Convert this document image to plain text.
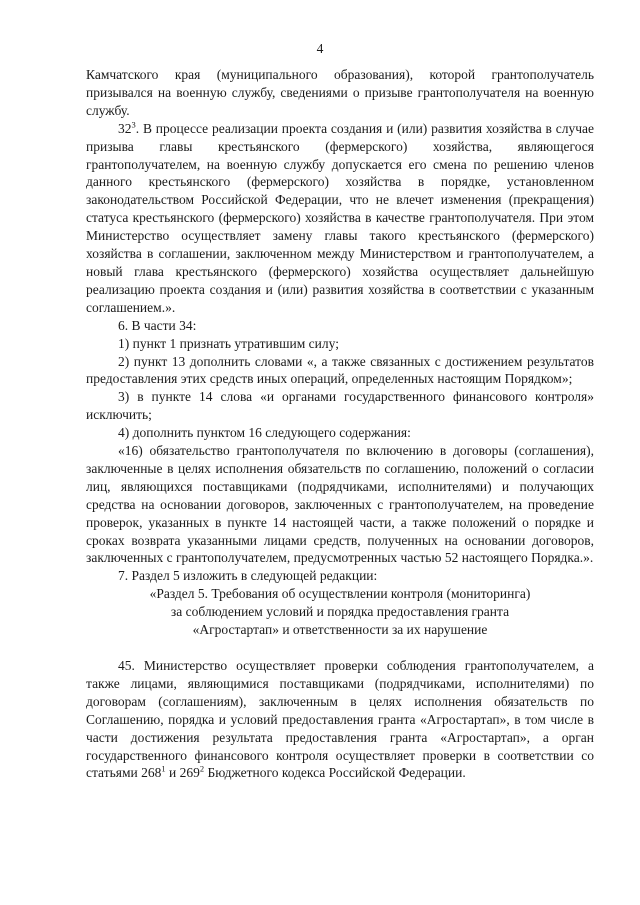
4

Камчатского края (муниципального образования), которой грантополучатель призывался на военную службу, сведениями о призыве грантополучателя на военную службу.

$32^3$. В процессе реализации проекта создания и (или) развития хозяйства в случае призыва главы крестьянского (фермерского) хозяйства, являющегося грантополучателем, на военную службу допускается его смена по решению членов данного крестьянского (фермерского) хозяйства в порядке, установленном законодательством Российской Федерации, что не влечет изменения (прекращения) статуса крестьянского (фермерского) хозяйства в качестве грантополучателя. При этом Министерство осуществляет замену главы такого крестьянского (фермерского) хозяйства в соглашении, заключенном между Министерством и грантополучателем, а новый глава крестьянского (фермерского) хозяйства осуществляет дальнейшую реализацию проекта создания и (или) развития хозяйства в соответствии с указанным соглашением.».

6. В части 34:

1) пункт 1 признать утратившим силу;

2) пункт 13 дополнить словами «, а также связанных с достижением результатов предоставления этих средств иных операций, определенных настоящим Порядком»;

3) в пункте 14 слова «и органами государственного финансового контроля» исключить;

4) дополнить пунктом 16 следующего содержания:

«16) обязательство грантополучателя по включению в договоры (соглашения), заключенные в целях исполнения обязательств по соглашению, положений о согласии лиц, являющихся поставщиками (подрядчиками, исполнителями) и получающих средства на основании договоров, заключенных с грантополучателем, на проведение проверок, указанных в пункте 14 настоящей части, а также положений о порядке и сроках возврата указанными лицами средств, полученных на основании договоров, заключенных с грантополучателем, предусмотренных частью 52 настоящего Порядка.».

7. Раздел 5 изложить в следующей редакции:

«Раздел 5. Требования об осуществлении контроля (мониторинга)

за соблюдением условий и порядка предоставления гранта

«Агростартап» и ответственности за их нарушение

45. Министерство осуществляет проверки соблюдения грантополучателем, а также лицами, являющимися поставщиками (подрядчиками, исполнителями) по договорам (соглашениям), заключенным в целях исполнения обязательств по Соглашению, порядка и условий предоставления гранта «Агростартап», в том числе в части достижения результата предоставления гранта «Агростартап», а орган государственного финансового контроля осуществляет проверки в соответствии со статьями $268^1$ и $269^2$ Бюджетного кодекса Российской Федерации.
